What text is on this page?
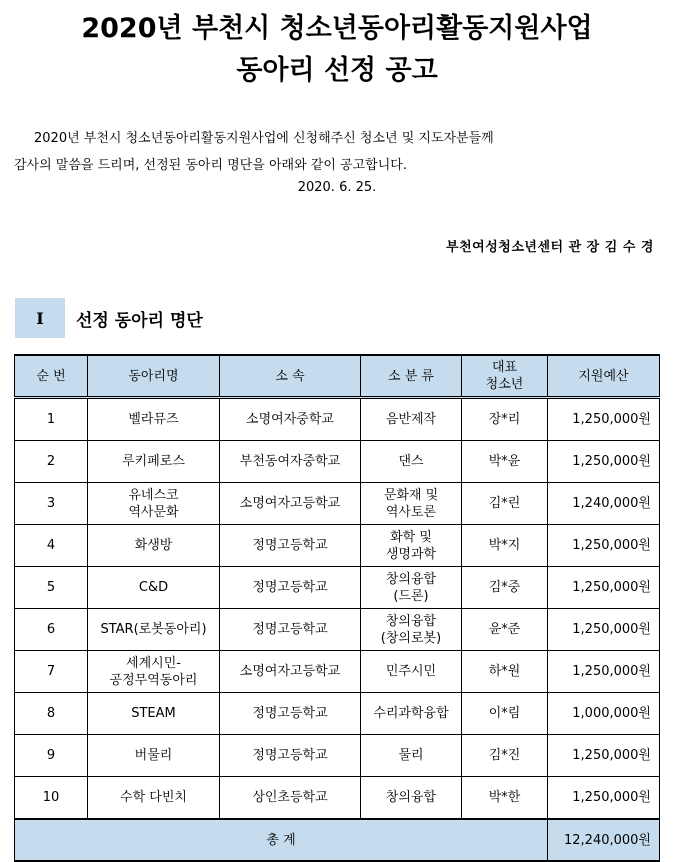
2020년 부천시 청소년동아리활동지원사업
동아리 선정 공고

2020년 부천시 청소년동아리활동지원사업에 신청해주신 청소년 및 지도자분들께

감사의 말씀을 드리며, 선정된 동아리 명단을 아래와 같이 공고합니다.

2020. 6. 25.
부천여성청소년센터 관 장 김 수 경
I	선정 동아리 명단
순 번	동아리명	소 속	소 분 류	대표
청소년	지원예산
1	벨라뮤즈	소명여자중학교	음반제작	장*리	1,250,000원
2	루키페로스	부천동여자중학교	댄스	박*윤	1,250,000원
3	유네스코
역사문화	소명여자고등학교	문화재 및
역사토론	김*린	1,240,000원
4	화생방	정명고등학교	화학 및
생명과학	박*지	1,250,000원
5	C&D	정명고등학교	창의융합
(드론)	김*중	1,250,000원
6	STAR(로봇동아리)	정명고등학교	창의융합
(창의로봇)	윤*준	1,250,000원
7	세계시민-
공정무역동아리	소명여자고등학교	민주시민	하*원	1,250,000원
8	STEAM	정명고등학교	수리과학융합	이*림	1,000,000원
9	버물리	정명고등학교	물리	김*진	1,250,000원
10	수학 다빈치	상인초등학교	창의융합	박*한	1,250,000원
총 계					12,240,000원
